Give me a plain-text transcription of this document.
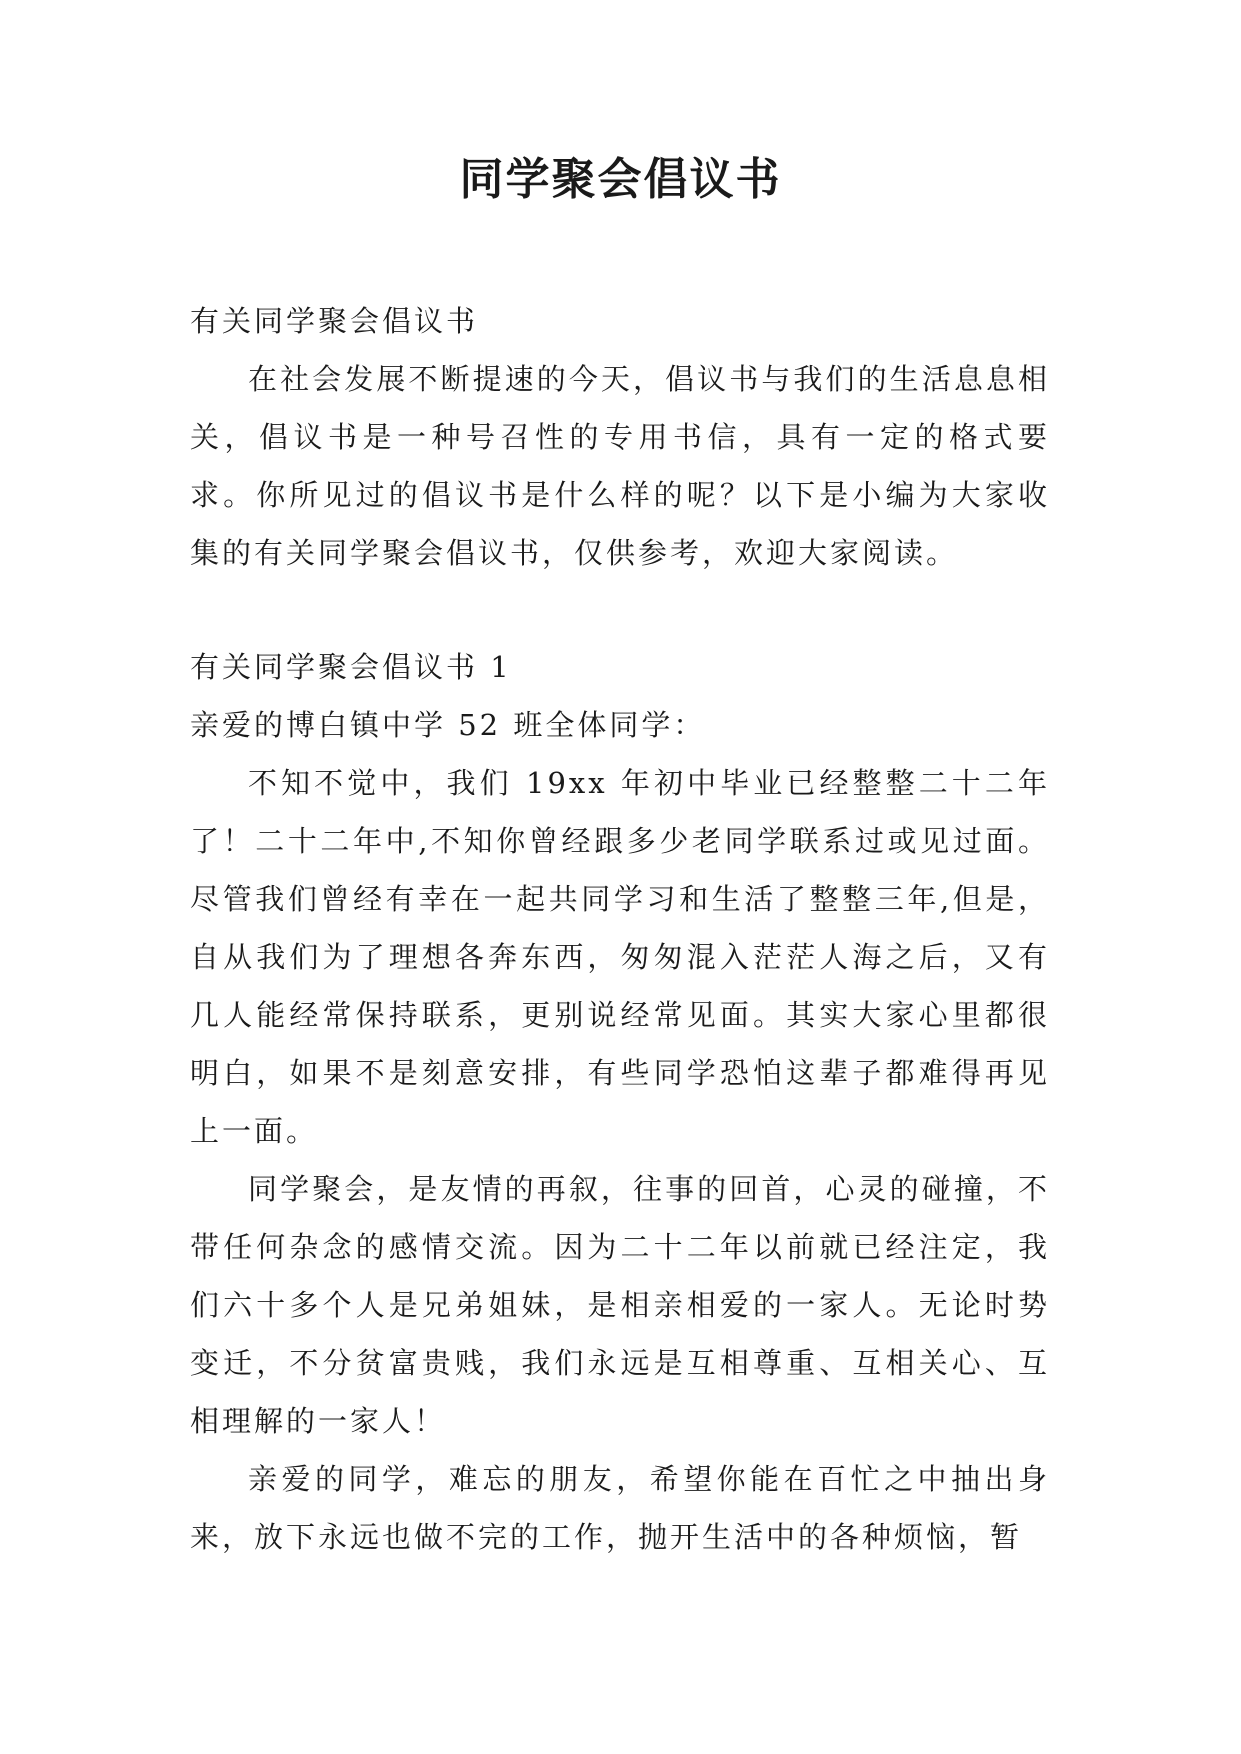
同学聚会倡议书

有关同学聚会倡议书

在社会发展不断提速的今天，倡议书与我们的生活息息相关，倡议书是一种号召性的专用书信，具有一定的格式要求。你所见过的倡议书是什么样的呢？以下是小编为大家收集的有关同学聚会倡议书，仅供参考，欢迎大家阅读。

有关同学聚会倡议书 1

亲爱的博白镇中学 52 班全体同学：

不知不觉中，我们 19xx 年初中毕业已经整整二十二年了！二十二年中,不知你曾经跟多少老同学联系过或见过面。尽管我们曾经有幸在一起共同学习和生活了整整三年,但是，自从我们为了理想各奔东西，匆匆混入茫茫人海之后，又有几人能经常保持联系，更别说经常见面。其实大家心里都很明白，如果不是刻意安排，有些同学恐怕这辈子都难得再见上一面。

同学聚会，是友情的再叙，往事的回首，心灵的碰撞，不带任何杂念的感情交流。因为二十二年以前就已经注定，我们六十多个人是兄弟姐妹，是相亲相爱的一家人。无论时势变迁，不分贫富贵贱，我们永远是互相尊重、互相关心、互相理解的一家人！

亲爱的同学，难忘的朋友，希望你能在百忙之中抽出身来，放下永远也做不完的工作，抛开生活中的各种烦恼，暂
